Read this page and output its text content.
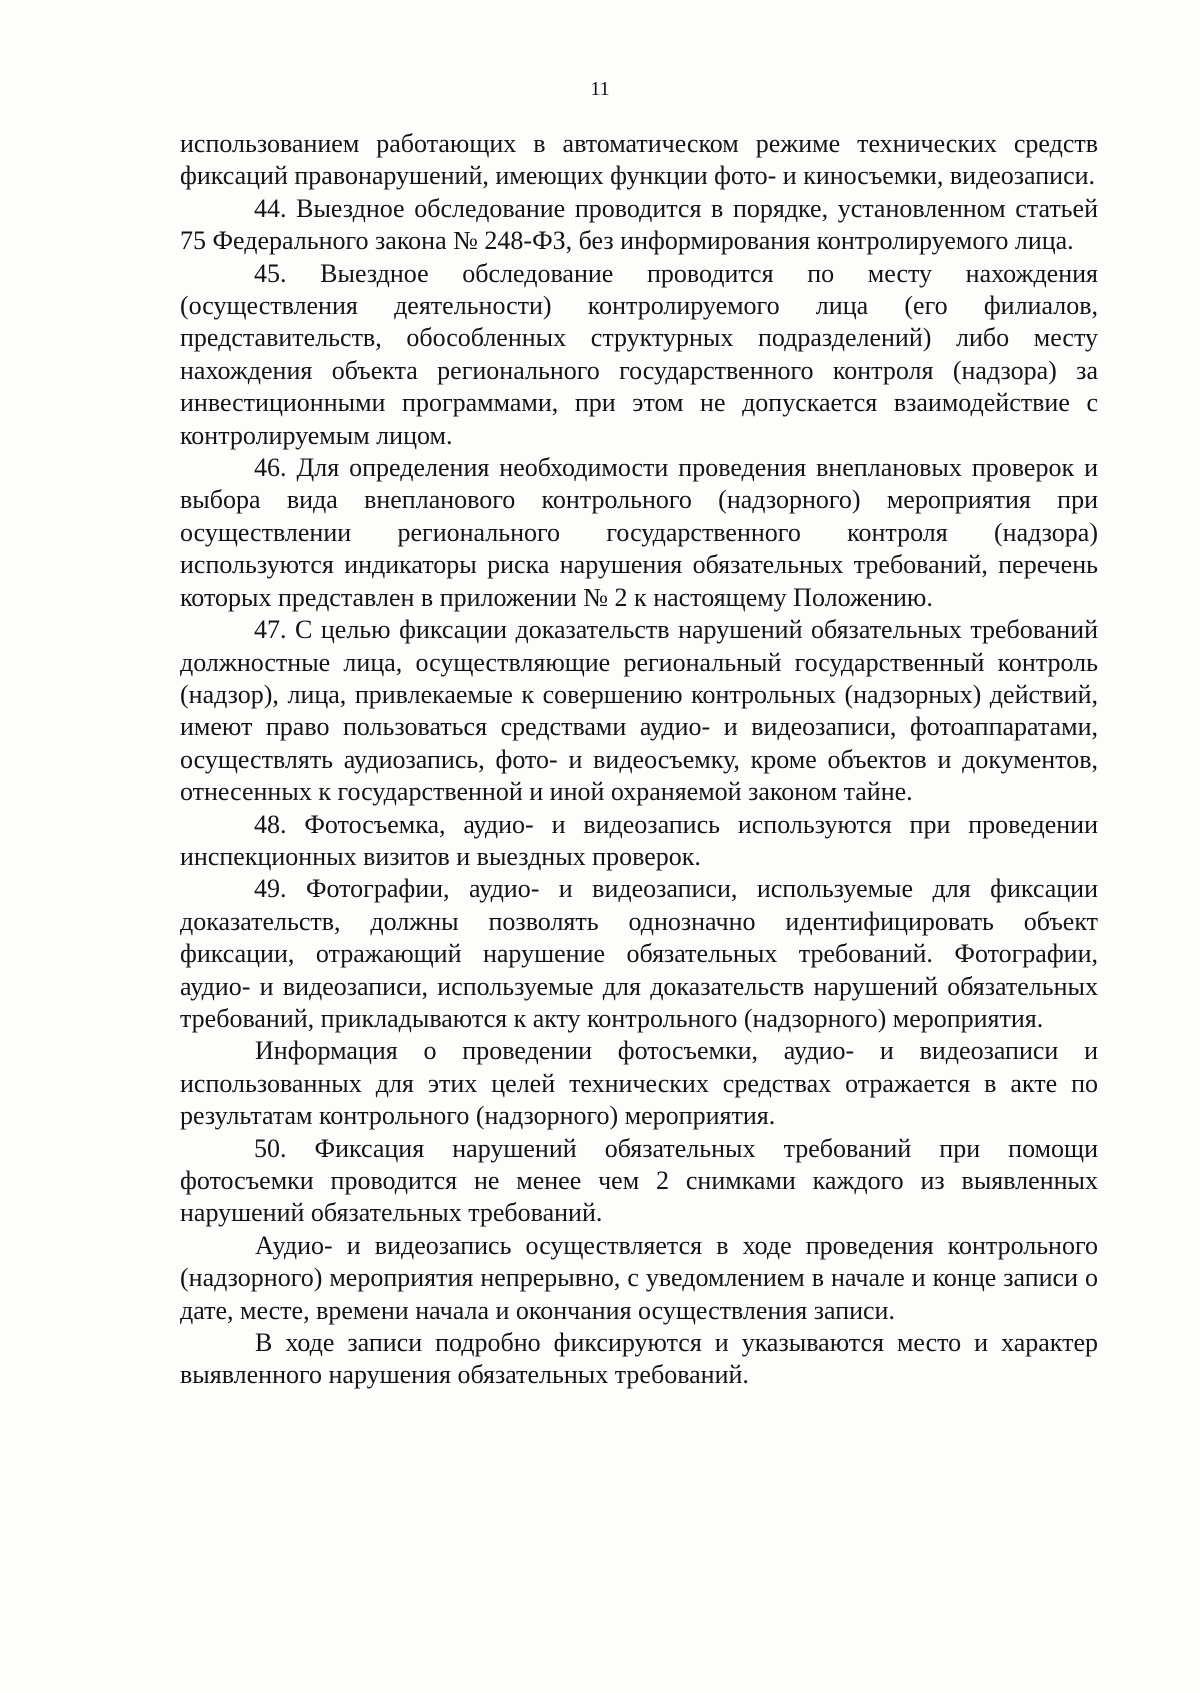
11

использованием работающих в автоматическом режиме технических средств фиксаций правонарушений, имеющих функции фото- и киносъемки, видеозаписи.

44. Выездное обследование проводится в порядке, установленном статьей 75 Федерального закона № 248-ФЗ, без информирования контролируемого лица.

45. Выездное обследование проводится по месту нахождения (осуществления деятельности) контролируемого лица (его филиалов, представительств, обособленных структурных подразделений) либо месту нахождения объекта регионального государственного контроля (надзора) за инвестиционными программами, при этом не допускается взаимодействие с контролируемым лицом.

46. Для определения необходимости проведения внеплановых проверок и выбора вида внепланового контрольного (надзорного) мероприятия при осуществлении регионального государственного контроля (надзора) используются индикаторы риска нарушения обязательных требований, перечень которых представлен в приложении № 2 к настоящему Положению.

47. С целью фиксации доказательств нарушений обязательных требований должностные лица, осуществляющие региональный государственный контроль (надзор), лица, привлекаемые к совершению контрольных (надзорных) действий, имеют право пользоваться средствами аудио- и видеозаписи, фотоаппаратами, осуществлять аудиозапись, фото- и видеосъемку, кроме объектов и документов, отнесенных к государственной и иной охраняемой законом тайне.

48. Фотосъемка, аудио- и видеозапись используются при проведении инспекционных визитов и выездных проверок.

49. Фотографии, аудио- и видеозаписи, используемые для фиксации доказательств, должны позволять однозначно идентифицировать объект фиксации, отражающий нарушение обязательных требований. Фотографии, аудио- и видеозаписи, используемые для доказательств нарушений обязательных требований, прикладываются к акту контрольного (надзорного) мероприятия.

Информация о проведении фотосъемки, аудио- и видеозаписи и использованных для этих целей технических средствах отражается в акте по результатам контрольного (надзорного) мероприятия.

50. Фиксация нарушений обязательных требований при помощи фотосъемки проводится не менее чем 2 снимками каждого из выявленных нарушений обязательных требований.

Аудио- и видеозапись осуществляется в ходе проведения контрольного (надзорного) мероприятия непрерывно, с уведомлением в начале и конце записи о дате, месте, времени начала и окончания осуществления записи.

В ходе записи подробно фиксируются и указываются место и характер выявленного нарушения обязательных требований.
